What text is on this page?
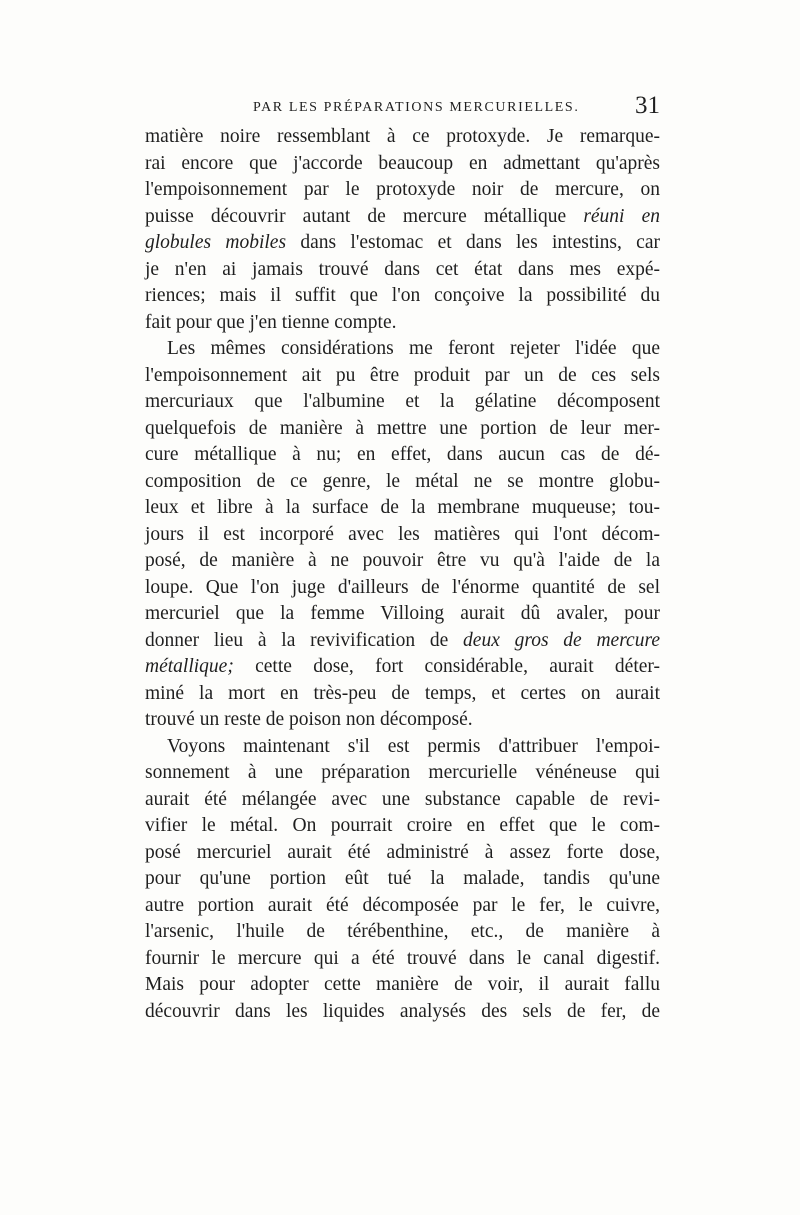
PAR LES PRÉPARATIONS MERCURIELLES. 31
matière noire ressemblant à ce protoxyde. Je remarque-
rai encore que j'accorde beaucoup en admettant qu'après
l'empoisonnement par le protoxyde noir de mercure, on
puisse découvrir autant de mercure métallique réuni en
globules mobiles dans l'estomac et dans les intestins, car
je n'en ai jamais trouvé dans cet état dans mes expé-
riences; mais il suffit que l'on conçoive la possibilité du
fait pour que j'en tienne compte.
Les mêmes considérations me feront rejeter l'idée que
l'empoisonnement ait pu être produit par un de ces sels
mercuriaux que l'albumine et la gélatine décomposent
quelquefois de manière à mettre une portion de leur mer-
cure métallique à nu; en effet, dans aucun cas de dé-
composition de ce genre, le métal ne se montre globu-
leux et libre à la surface de la membrane muqueuse; tou-
jours il est incorporé avec les matières qui l'ont décom-
posé, de manière à ne pouvoir être vu qu'à l'aide de la
loupe. Que l'on juge d'ailleurs de l'énorme quantité de sel
mercuriel que la femme Villoing aurait dû avaler, pour
donner lieu à la revivification de deux gros de mercure
métallique; cette dose, fort considérable, aurait déter-
miné la mort en très-peu de temps, et certes on aurait
trouvé un reste de poison non décomposé.
Voyons maintenant s'il est permis d'attribuer l'empoi-
sonnement à une préparation mercurielle vénéneuse qui
aurait été mélangée avec une substance capable de revi-
vifier le métal. On pourrait croire en effet que le com-
posé mercuriel aurait été administré à assez forte dose,
pour qu'une portion eût tué la malade, tandis qu'une
autre portion aurait été décomposée par le fer, le cuivre,
l'arsenic, l'huile de térébenthine, etc., de manière à
fournir le mercure qui a été trouvé dans le canal digestif.
Mais pour adopter cette manière de voir, il aurait fallu
découvrir dans les liquides analysés des sels de fer, de
